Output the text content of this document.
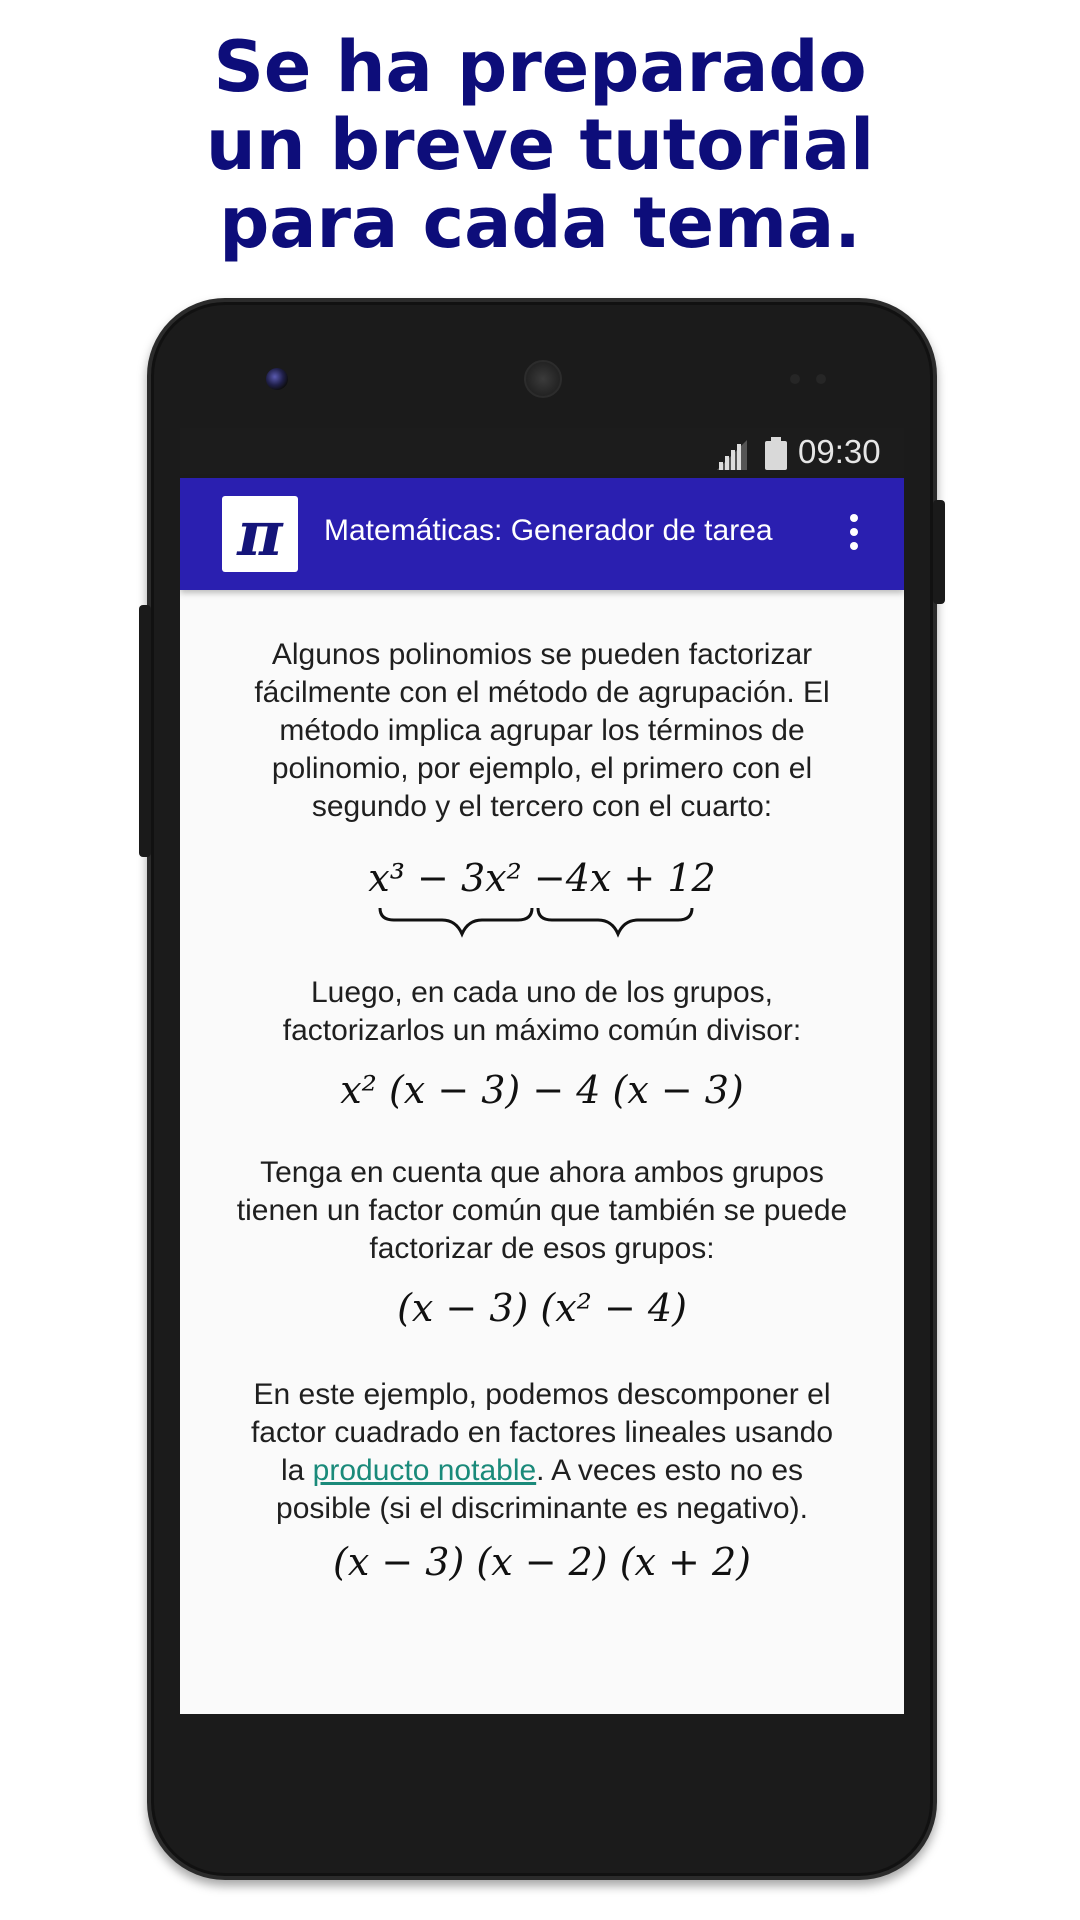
Se ha preparado
un breve tutorial
para cada tema.
09:30
π	Matemáticas: Generador de tarea

Algunos polinomios se pueden factorizar
fácilmente con el método de agrupación. El
método implica agrupar los términos de
polinomio, por ejemplo, el primero con el
segundo y el tercero con el cuarto:

x³ − 3x² −4x + 12

Luego, en cada uno de los grupos,
factorizarlos un máximo común divisor:

x² (x − 3) − 4 (x − 3)

Tenga en cuenta que ahora ambos grupos
tienen un factor común que también se puede
factorizar de esos grupos:

(x − 3) (x² − 4)

En este ejemplo, podemos descomponer el
factor cuadrado en factores lineales usando
la producto notable. A veces esto no es
posible (si el discriminante es negativo).

(x − 3) (x − 2) (x + 2)
